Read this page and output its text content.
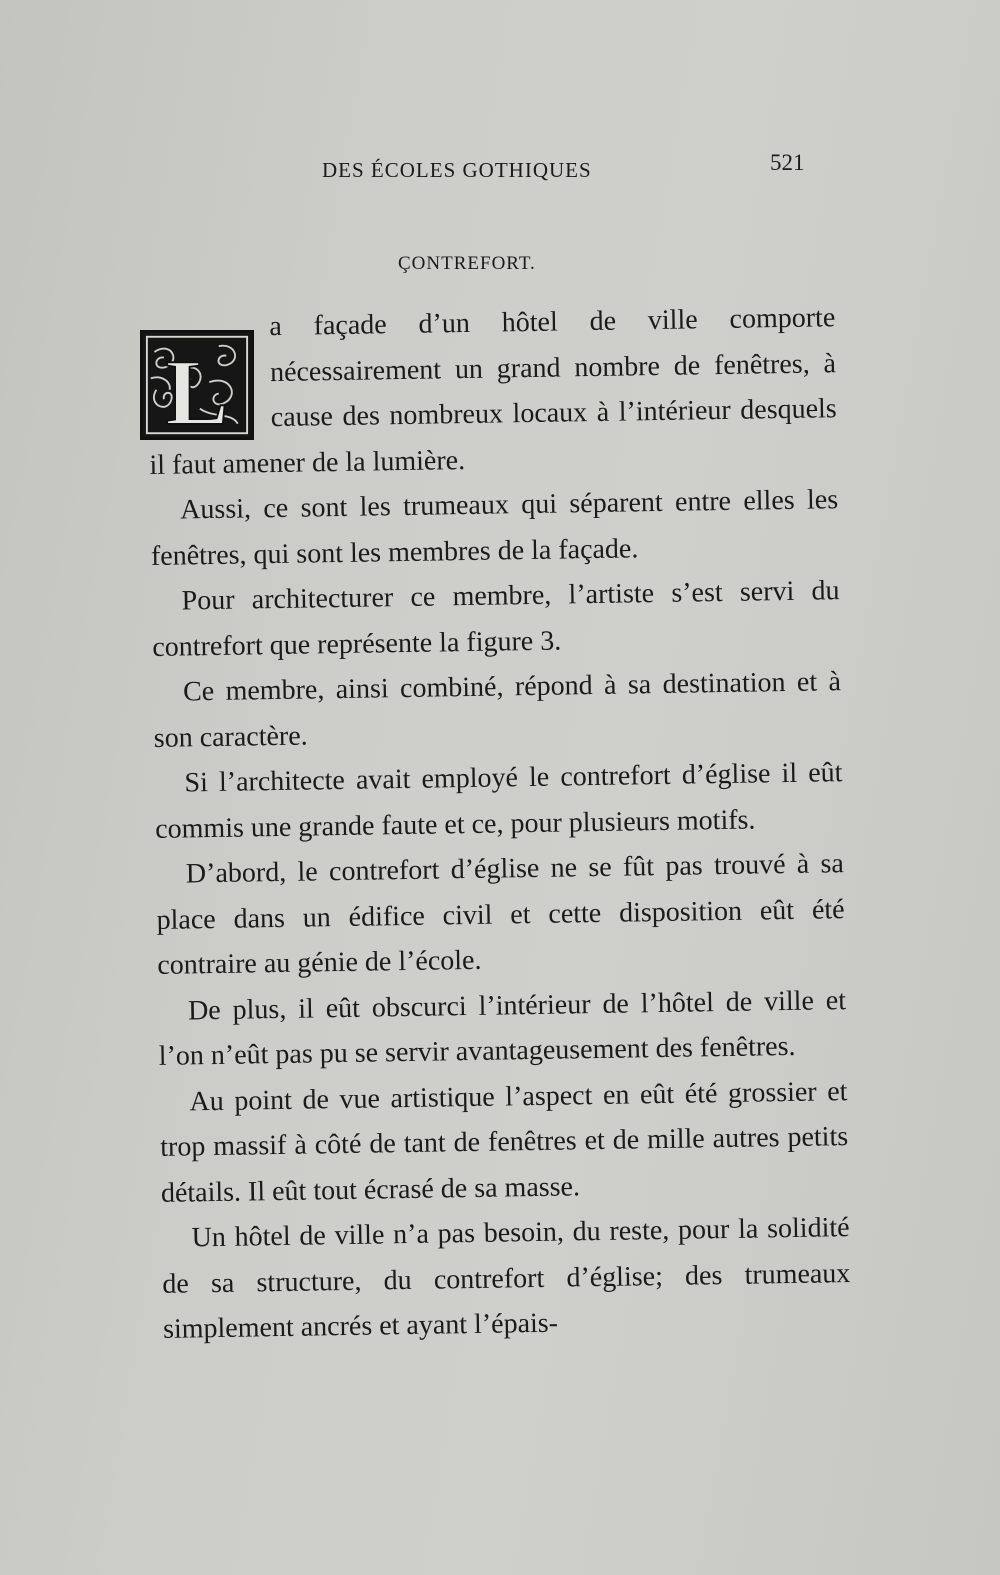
DES ÉCOLES GOTHIQUES	521
ÇONTREFORT.
L

a façade d’un hôtel de ville comporte nécessairement un grand nombre de fenêtres, à cause des nombreux locaux à l’intérieur desquels il faut amener de la lumière.

Aussi, ce sont les trumeaux qui séparent entre elles les fenêtres, qui sont les membres de la façade.

Pour architecturer ce membre, l’artiste s’est servi du contrefort que représente la figure 3.

Ce membre, ainsi combiné, répond à sa destination et à son caractère.

Si l’architecte avait employé le contrefort d’église il eût commis une grande faute et ce, pour plusieurs motifs.

D’abord, le contrefort d’église ne se fût pas trouvé à sa place dans un édifice civil et cette disposition eût été contraire au génie de l’école.

De plus, il eût obscurci l’intérieur de l’hôtel de ville et l’on n’eût pas pu se servir avantageusement des fenêtres.

Au point de vue artistique l’aspect en eût été grossier et trop massif à côté de tant de fenêtres et de mille autres petits détails. Il eût tout écrasé de sa masse.

Un hôtel de ville n’a pas besoin, du reste, pour la solidité de sa structure, du contrefort d’église; des trumeaux simplement ancrés et ayant l’épais-
